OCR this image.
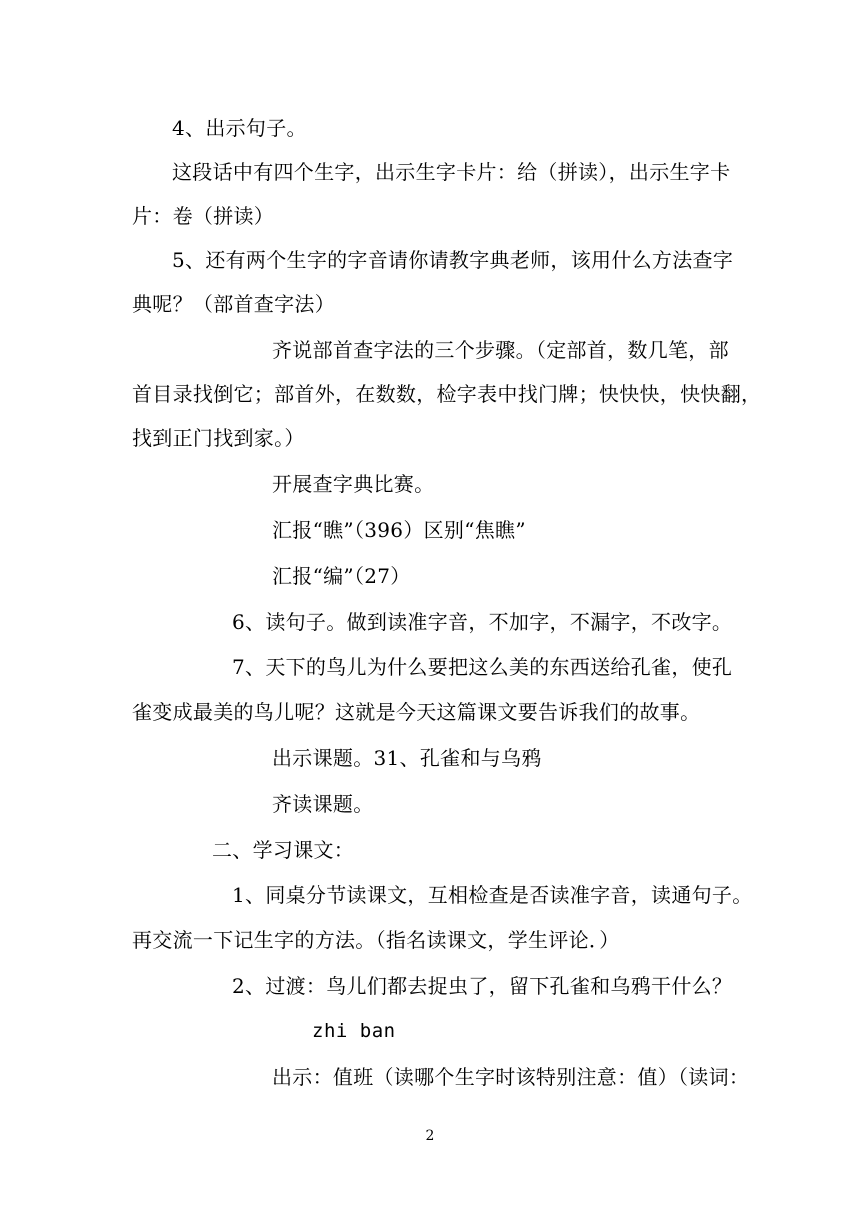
4、出示句子。
这段话中有四个生字，出示生字卡片：给（拼读），出示生字卡
片：卷（拼读）
5、还有两个生字的字音请你请教字典老师，该用什么方法查字
典呢？（部首查字法）
齐说部首查字法的三个步骤。（定部首，数几笔，部
首目录找倒它；部首外，在数数，检字表中找门牌；快快快，快快翻，
找到正门找到家。）
开展查字典比赛。
汇报“瞧”（396）区别“焦瞧”
汇报“编”（27）
6、读句子。做到读准字音，不加字，不漏字，不改字。
7、天下的鸟儿为什么要把这么美的东西送给孔雀，使孔
雀变成最美的鸟儿呢？这就是今天这篇课文要告诉我们的故事。
出示课题。31、孔雀和与乌鸦
齐读课题。
二、学习课文：
1、同桌分节读课文，互相检查是否读准字音，读通句子。
再交流一下记生字的方法。（指名读课文，学生评论．）
2、过渡：鸟儿们都去捉虫了，留下孔雀和乌鸦干什么？
zhi ban
出示：值班（读哪个生字时该特别注意：值）（读词：
2
